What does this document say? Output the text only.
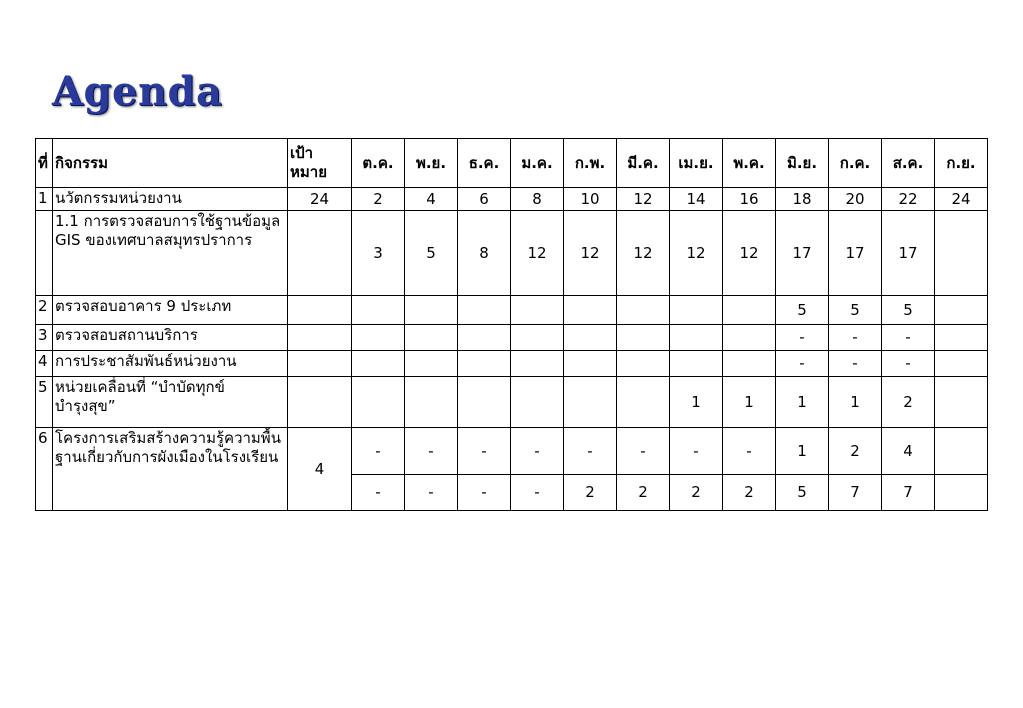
Agenda
ที่	กิจกรรม	เป้าหมาย	ต.ค.	พ.ย.	ธ.ค.	ม.ค.	ก.พ.	มี.ค.	เม.ย.	พ.ค.	มิ.ย.	ก.ค.	ส.ค.	ก.ย.
1	นวัตกรรมหน่วยงาน	24	2	4	6	8	10	12	14	16	18	20	22	24
	1.1 การตรวจสอบการใช้ฐานข้อมูล GIS ของเทศบาลสมุทรปราการ		3	5	8	12	12	12	12	12	17	17	17	
2	ตรวจสอบอาคาร 9 ประเภท										5	5	5	
3	ตรวจสอบสถานบริการ										-	-	-	
4	การประชาสัมพันธ์หน่วยงาน										-	-	-	
5	หน่วยเคลื่อนที่ “บำบัดทุกข์ บำรุงสุข”								1	1	1	1	2	
6	โครงการเสริมสร้างความรู้ความพื้นฐานเกี่ยวกับการผังเมืองในโรงเรียน	4	-	-	-	-	-	-	-	-	1	2	4	
			-	-	-	-	2	2	2	2	5	7	7	
